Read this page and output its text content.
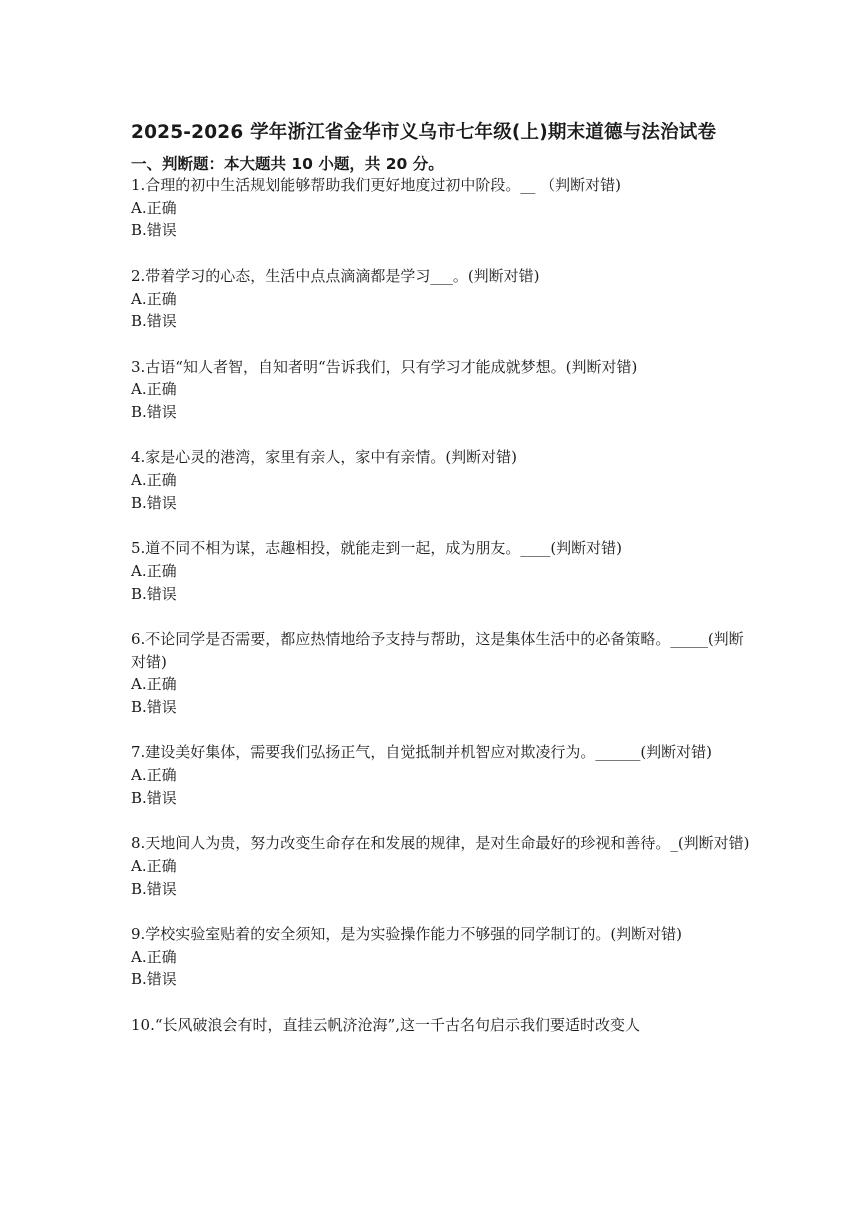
2025-2026 学年浙江省金华市义乌市七年级(上)期末道德与法治试卷
一、判断题：本大题共 10 小题，共 20 分。
1.合理的初中生活规划能够帮助我们更好地度过初中阶段。__ （判断对错)
A.正确
B.错误
2.带着学习的心态，生活中点点滴滴都是学习___。(判断对错)
A.正确
B.错误
3.古语“知人者智，自知者明“告诉我们，只有学习才能成就梦想。(判断对错)
A.正确
B.错误
4.家是心灵的港湾，家里有亲人，家中有亲情。(判断对错)
A.正确
B.错误
5.道不同不相为谋，志趣相投，就能走到一起，成为朋友。____(判断对错)
A.正确
B.错误
6.不论同学是否需要，都应热情地给予支持与帮助，这是集体生活中的必备策略。_____(判断对错)
A.正确
B.错误
7.建设美好集体，需要我们弘扬正气，自觉抵制并机智应对欺凌行为。______(判断对错)
A.正确
B.错误
8.天地间人为贵，努力改变生命存在和发展的规律，是对生命最好的珍视和善待。_(判断对错)
A.正确
B.错误
9.学校实验室贴着的安全须知，是为实验操作能力不够强的同学制订的。(判断对错)
A.正确
B.错误
10.“长风破浪会有时，直挂云帆济沧海”,这一千古名句启示我们要适时改变人
